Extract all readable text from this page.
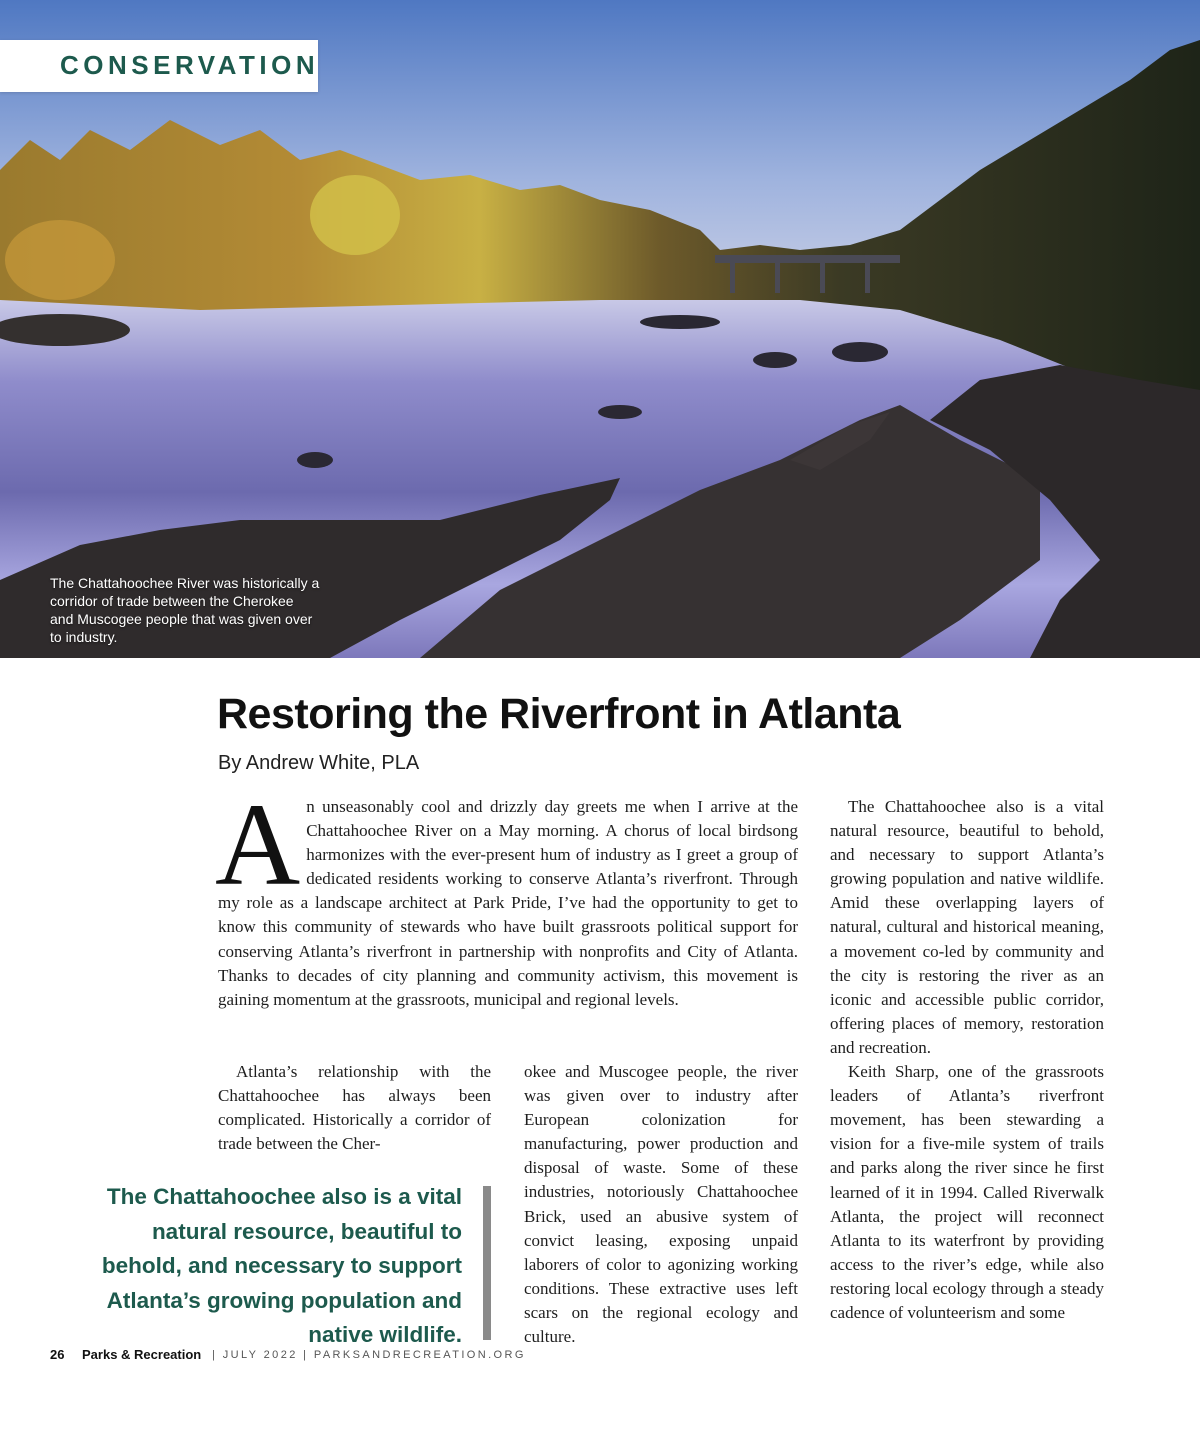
CONSERVATION
The Chattahoochee River was historically a corridor of trade between the Cherokee and Muscogee people that was given over to industry.
Restoring the Riverfront in Atlanta
By Andrew White, PLA

An unseasonably cool and drizzly day greets me when I arrive at the Chattahoochee River on a May morning. A chorus of local birdsong harmonizes with the ever-present hum of industry as I greet a group of dedicated residents working to conserve Atlanta’s riverfront. Through my role as a landscape architect at Park Pride, I’ve had the opportunity to get to know this community of stewards who have built grassroots political support for conserving Atlanta’s riverfront in partnership with nonprofits and City of Atlanta. Thanks to decades of city planning and community activism, this movement is gaining momentum at the grassroots, municipal and regional levels.

Atlanta’s relationship with the Chattahoochee has always been complicated. Historically a corridor of trade between the Cher-

okee and Muscogee people, the river was given over to industry after European colonization for manufacturing, power production and disposal of waste. Some of these industries, notoriously Chattahoochee Brick, used an abusive system of convict leasing, exposing unpaid laborers of color to agonizing working conditions. These extractive uses left scars on the regional ecology and culture.

The Chattahoochee also is a vital natural resource, beautiful to behold, and necessary to support Atlanta’s growing population and native wildlife. Amid these overlapping layers of natural, cultural and historical meaning, a movement co-led by community and the city is restoring the river as an iconic and accessible public corridor, offering places of memory, restoration and recreation.

Keith Sharp, one of the grassroots leaders of Atlanta’s riverfront movement, has been stewarding a vision for a five-mile system of trails and parks along the river since he first learned of it in 1994. Called Riverwalk Atlanta, the project will reconnect Atlanta to its waterfront by providing access to the river’s edge, while also restoring local ecology through a steady cadence of volunteerism and some

The Chattahoochee also is a vital natural resource, beautiful to behold, and necessary to support Atlanta’s growing population and native wildlife.
26 Parks & Recreation | JULY 2022 | PARKSANDRECREATION.ORG
